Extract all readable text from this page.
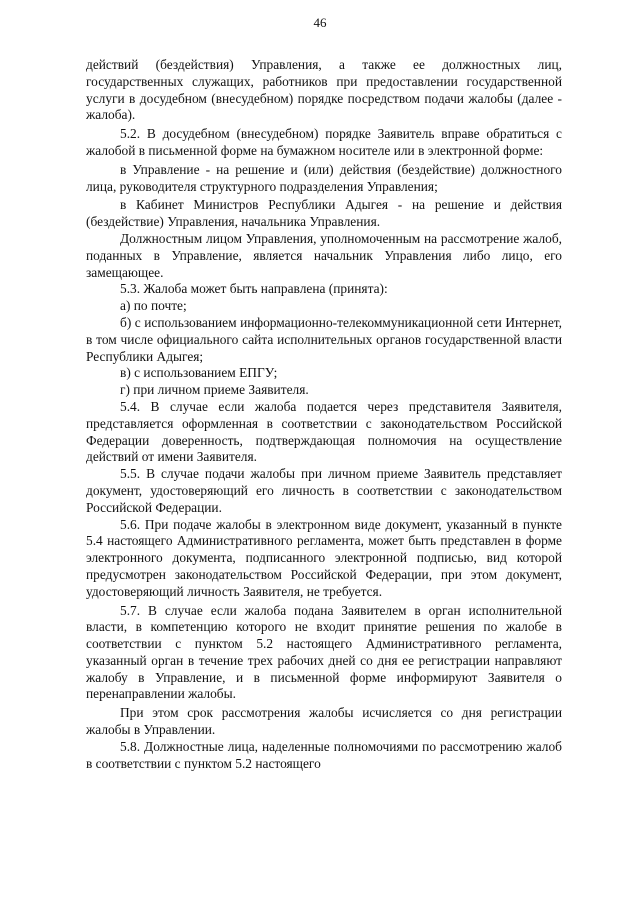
46

действий (бездействия) Управления, а также ее должностных лиц, государственных служащих, работников при предоставлении государственной услуги в досудебном (внесудебном) порядке посредством подачи жалобы (далее - жалоба).

5.2. В досудебном (внесудебном) порядке Заявитель вправе обратиться с жалобой в письменной форме на бумажном носителе или в электронной форме:

в Управление - на решение и (или) действия (бездействие) должностного лица, руководителя структурного подразделения Управления;

в Кабинет Министров Республики Адыгея - на решение и действия (бездействие) Управления, начальника Управления.

Должностным лицом Управления, уполномоченным на рассмотрение жалоб, поданных в Управление, является начальник Управления либо лицо, его замещающее.

5.3. Жалоба может быть направлена (принята):

а) по почте;

б) с использованием информационно-телекоммуникационной сети Интернет, в том числе официального сайта исполнительных органов государственной власти Республики Адыгея;

в) с использованием ЕПГУ;

г) при личном приеме Заявителя.

5.4. В случае если жалоба подается через представителя Заявителя, представляется оформленная в соответствии с законодательством Российской Федерации доверенность, подтверждающая полномочия на осуществление действий от имени Заявителя.

5.5. В случае подачи жалобы при личном приеме Заявитель представляет документ, удостоверяющий его личность в соответствии с законодательством Российской Федерации.

5.6. При подаче жалобы в электронном виде документ, указанный в пункте 5.4 настоящего Административного регламента, может быть представлен в форме электронного документа, подписанного электронной подписью, вид которой предусмотрен законодательством Российской Федерации, при этом документ, удостоверяющий личность Заявителя, не требуется.

5.7. В случае если жалоба подана Заявителем в орган исполнительной власти, в компетенцию которого не входит принятие решения по жалобе в соответствии с пунктом 5.2 настоящего Административного регламента, указанный орган в течение трех рабочих дней со дня ее регистрации направляют жалобу в Управление, и в письменной форме информируют Заявителя о перенаправлении жалобы.

При этом срок рассмотрения жалобы исчисляется со дня регистрации жалобы в Управлении.

5.8. Должностные лица, наделенные полномочиями по рассмотрению жалоб в соответствии с пунктом 5.2 настоящего
